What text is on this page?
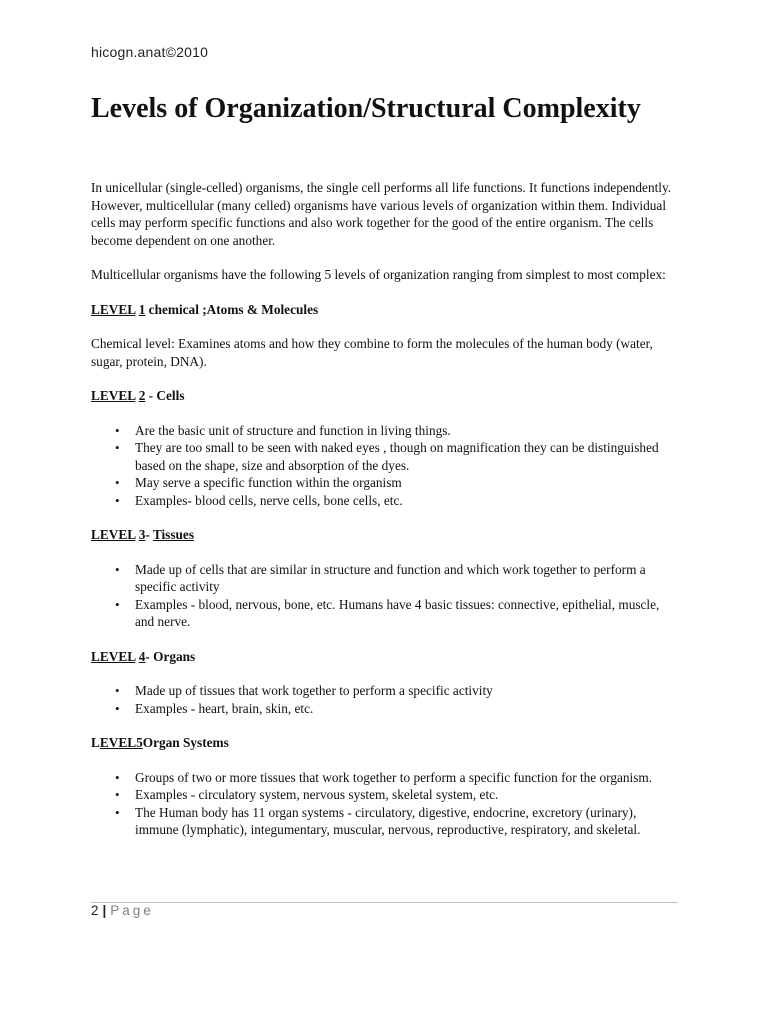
hicogn.anat©2010
Levels of Organization/Structural Complexity

In unicellular (single-celled) organisms, the single cell performs all life functions. It functions independently. However, multicellular (many celled) organisms have various levels of organization within them. Individual cells may perform specific functions and also work together for the good of the entire organism. The cells become dependent on one another.

Multicellular organisms have the following 5 levels of organization ranging from simplest to most complex:

LEVEL 1 chemical ;Atoms & Molecules

Chemical level: Examines atoms and how they combine to form the molecules of the human body (water, sugar, protein, DNA).

LEVEL 2 - Cells

• Are the basic unit of structure and function in living things.
• They are too small to be seen with naked eyes , though on magnification they can be distinguished based on the shape, size and absorption of the dyes.
• May serve a specific function within the organism
• Examples- blood cells, nerve cells, bone cells, etc.

LEVEL 3- Tissues

• Made up of cells that are similar in structure and function and which work together to perform a specific activity
• Examples - blood, nervous, bone, etc. Humans have 4 basic tissues: connective, epithelial, muscle, and nerve.

LEVEL 4- Organs

• Made up of tissues that work together to perform a specific activity
• Examples - heart, brain, skin, etc.

LEVEL5Organ Systems

• Groups of two or more tissues that work together to perform a specific function for the organism.
• Examples - circulatory system, nervous system, skeletal system, etc.
• The Human body has 11 organ systems - circulatory, digestive, endocrine, excretory (urinary), immune (lymphatic), integumentary, muscular, nervous, reproductive, respiratory, and skeletal.
2 | Page
